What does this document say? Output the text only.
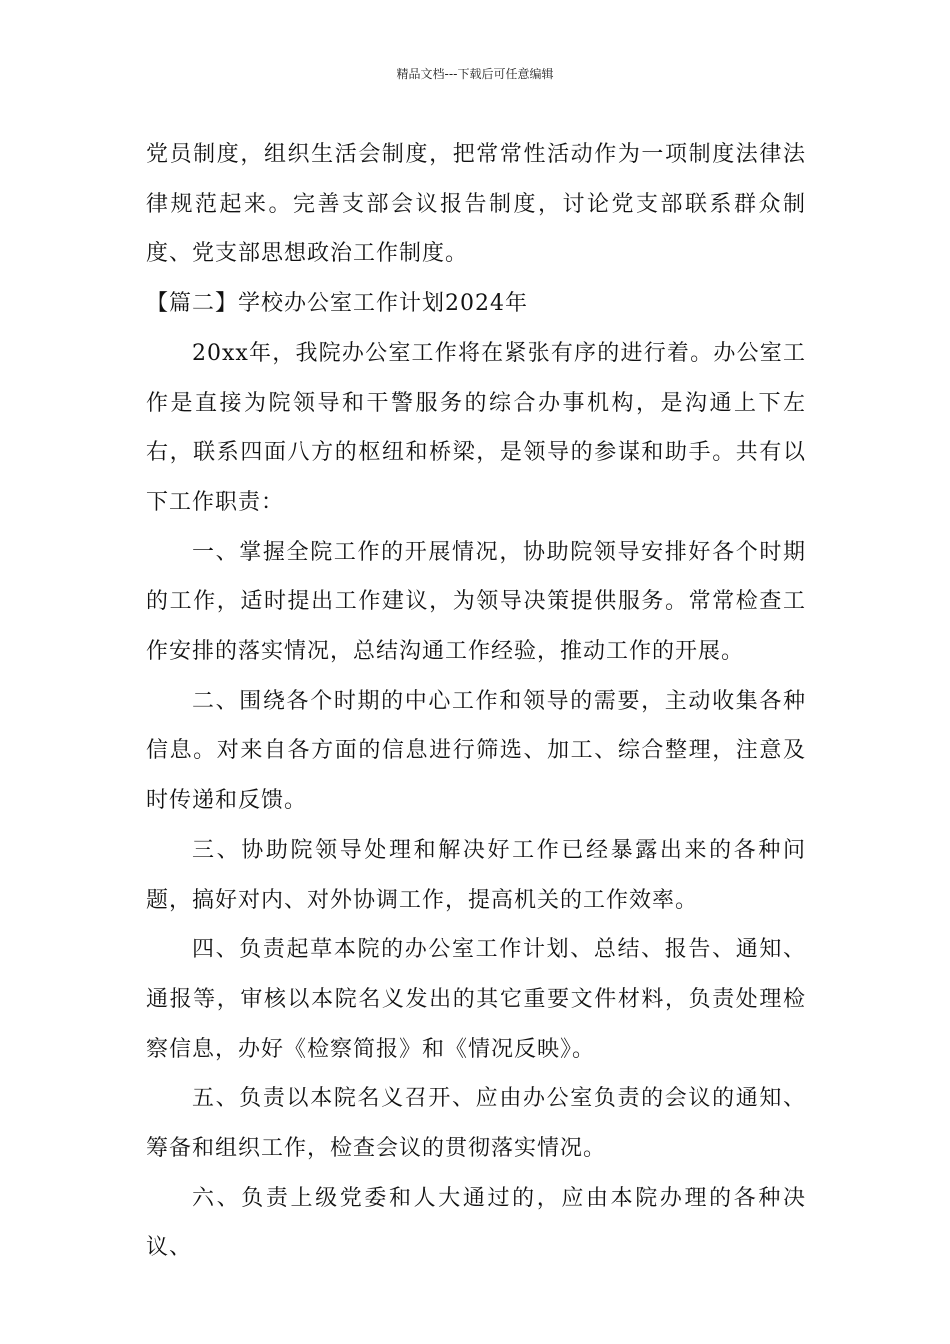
精品文档---下载后可任意编辑

党员制度，组织生活会制度，把常常性活动作为一项制度法律法律规范起来。完善支部会议报告制度，讨论党支部联系群众制度、党支部思想政治工作制度。

【篇二】学校办公室工作计划2024年

20xx年，我院办公室工作将在紧张有序的进行着。办公室工作是直接为院领导和干警服务的综合办事机构，是沟通上下左右，联系四面八方的枢纽和桥梁，是领导的参谋和助手。共有以下工作职责：

一、掌握全院工作的开展情况，协助院领导安排好各个时期的工作，适时提出工作建议，为领导决策提供服务。常常检查工作安排的落实情况，总结沟通工作经验，推动工作的开展。

二、围绕各个时期的中心工作和领导的需要，主动收集各种信息。对来自各方面的信息进行筛选、加工、综合整理，注意及时传递和反馈。

三、协助院领导处理和解决好工作已经暴露出来的各种问题，搞好对内、对外协调工作，提高机关的工作效率。

四、负责起草本院的办公室工作计划、总结、报告、通知、通报等，审核以本院名义发出的其它重要文件材料，负责处理检察信息，办好《检察简报》和《情况反映》。

五、负责以本院名义召开、应由办公室负责的会议的通知、筹备和组织工作，检查会议的贯彻落实情况。

六、负责上级党委和人大通过的，应由本院办理的各种决议、
